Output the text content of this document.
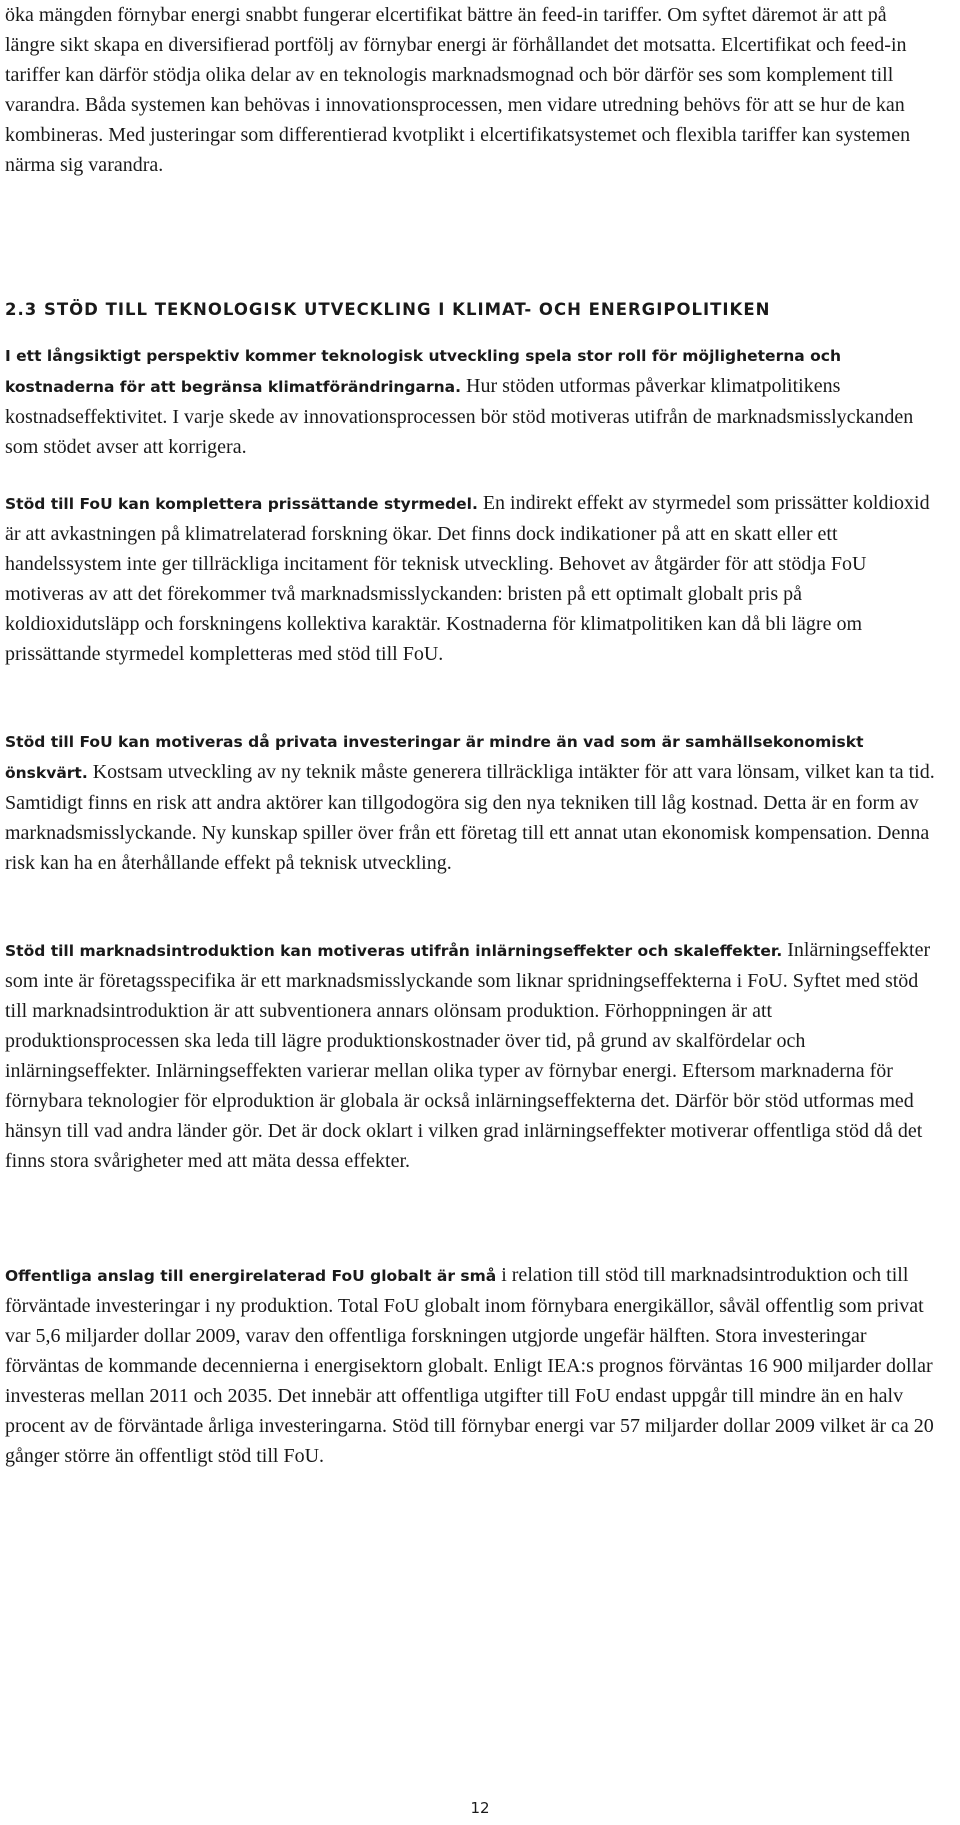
öka mängden förnybar energi snabbt fungerar elcertifikat bättre än feed-in tariffer. Om syftet däremot är att på längre sikt skapa en diversifierad portfölj av förnybar energi är förhållandet det motsatta. Elcertifikat och feed-in tariffer kan därför stödja olika delar av en teknologis marknadsmognad och bör därför ses som komplement till varandra. Båda systemen kan behövas i innovationsprocessen, men vidare utredning behövs för att se hur de kan kombineras. Med justeringar som differentierad kvotplikt i elcertifikatsystemet och flexibla tariffer kan systemen närma sig varandra.

2.3 STÖD TILL TEKNOLOGISK UTVECKLING I KLIMAT- OCH ENERGIPOLITIKEN

I ett långsiktigt perspektiv kommer teknologisk utveckling spela stor roll för möjligheterna och kostnaderna för att begränsa klimatförändringarna. Hur stöden utformas påverkar klimatpolitikens kostnadseffektivitet. I varje skede av innovationsprocessen bör stöd motiveras utifrån de marknadsmisslyckanden som stödet avser att korrigera.

Stöd till FoU kan komplettera prissättande styrmedel. En indirekt effekt av styrmedel som prissätter koldioxid är att avkastningen på klimatrelaterad forskning ökar. Det finns dock indikationer på att en skatt eller ett handelssystem inte ger tillräckliga incitament för teknisk utveckling. Behovet av åtgärder för att stödja FoU motiveras av att det förekommer två marknadsmisslyckanden: bristen på ett optimalt globalt pris på koldioxidutsläpp och forskningens kollektiva karaktär. Kostnaderna för klimatpolitiken kan då bli lägre om prissättande styrmedel kompletteras med stöd till FoU.

Stöd till FoU kan motiveras då privata investeringar är mindre än vad som är samhällsekonomiskt önskvärt. Kostsam utveckling av ny teknik måste generera tillräckliga intäkter för att vara lönsam, vilket kan ta tid. Samtidigt finns en risk att andra aktörer kan tillgodogöra sig den nya tekniken till låg kostnad. Detta är en form av marknadsmisslyckande. Ny kunskap spiller över från ett företag till ett annat utan ekonomisk kompensation. Denna risk kan ha en återhållande effekt på teknisk utveckling.

Stöd till marknadsintroduktion kan motiveras utifrån inlärningseffekter och skaleffekter. Inlärningseffekter som inte är företagsspecifika är ett marknadsmisslyckande som liknar spridningseffekterna i FoU. Syftet med stöd till marknadsintroduktion är att subventionera annars olönsam produktion. Förhoppningen är att produktionsprocessen ska leda till lägre produktionskostnader över tid, på grund av skalfördelar och inlärningseffekter. Inlärningseffekten varierar mellan olika typer av förnybar energi. Eftersom marknaderna för förnybara teknologier för elproduktion är globala är också inlärningseffekterna det. Därför bör stöd utformas med hänsyn till vad andra länder gör. Det är dock oklart i vilken grad inlärningseffekter motiverar offentliga stöd då det finns stora svårigheter med att mäta dessa effekter.

Offentliga anslag till energirelaterad FoU globalt är små i relation till stöd till marknadsintroduktion och till förväntade investeringar i ny produktion. Total FoU globalt inom förnybara energikällor, såväl offentlig som privat var 5,6 miljarder dollar 2009, varav den offentliga forskningen utgjorde ungefär hälften. Stora investeringar förväntas de kommande decennierna i energisektorn globalt. Enligt IEA:s prognos förväntas 16 900 miljarder dollar investeras mellan 2011 och 2035. Det innebär att offentliga utgifter till FoU endast uppgår till mindre än en halv procent av de förväntade årliga investeringarna. Stöd till förnybar energi var 57 miljarder dollar 2009 vilket är ca 20 gånger större än offentligt stöd till FoU.

12
